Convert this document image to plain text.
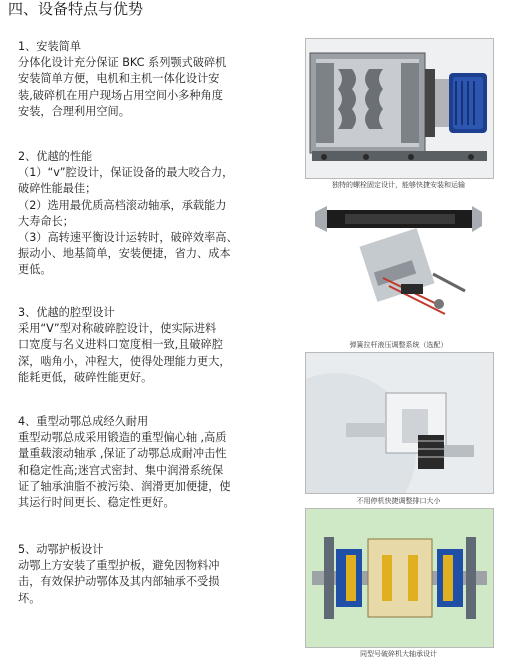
四、设备特点与优势

1、安装简单

分体化设计充分保证 BKC 系列颚式破碎机

安装简单方便，电机和主机一体化设计安

装,破碎机在用户现场占用空间小多种角度

安装，合理利用空间。

2、优越的性能

（1）“v”腔设计，保证设备的最大咬合力，

破碎性能最佳；

（2）选用最优质高档滚动轴承，承载能力

大寿命长；

（3）高转速平衡设计运转时，破碎效率高、

振动小、地基简单，安装便捷，省力、成本

更低。

3、优越的腔型设计

采用“V”型对称破碎腔设计，使实际进料

口宽度与名义进料口宽度相一致,且破碎腔

深，啮角小，冲程大，使得处理能力更大，

能耗更低，破碎性能更好。

4、重型动鄂总成经久耐用

重型动鄂总成采用锻造的重型偏心轴 ,高质

量重载滚动轴承 ,保证了动鄂总成耐冲击性

和稳定性高;迷宫式密封、集中润滑系统保

证了轴承油脂不被污染、润滑更加便捷，使

其运行时间更长、稳定性更好。

5、动鄂护板设计

动鄂上方安装了重型护板，避免因物料冲

击，有效保护动鄂体及其内部轴承不受损

坏。

独特的螺栓固定设计，能够快捷安装和运输
弹簧拉杆液压调整系统（选配）
不用停机快捷调整排口大小
同型号破碎机大轴承设计
